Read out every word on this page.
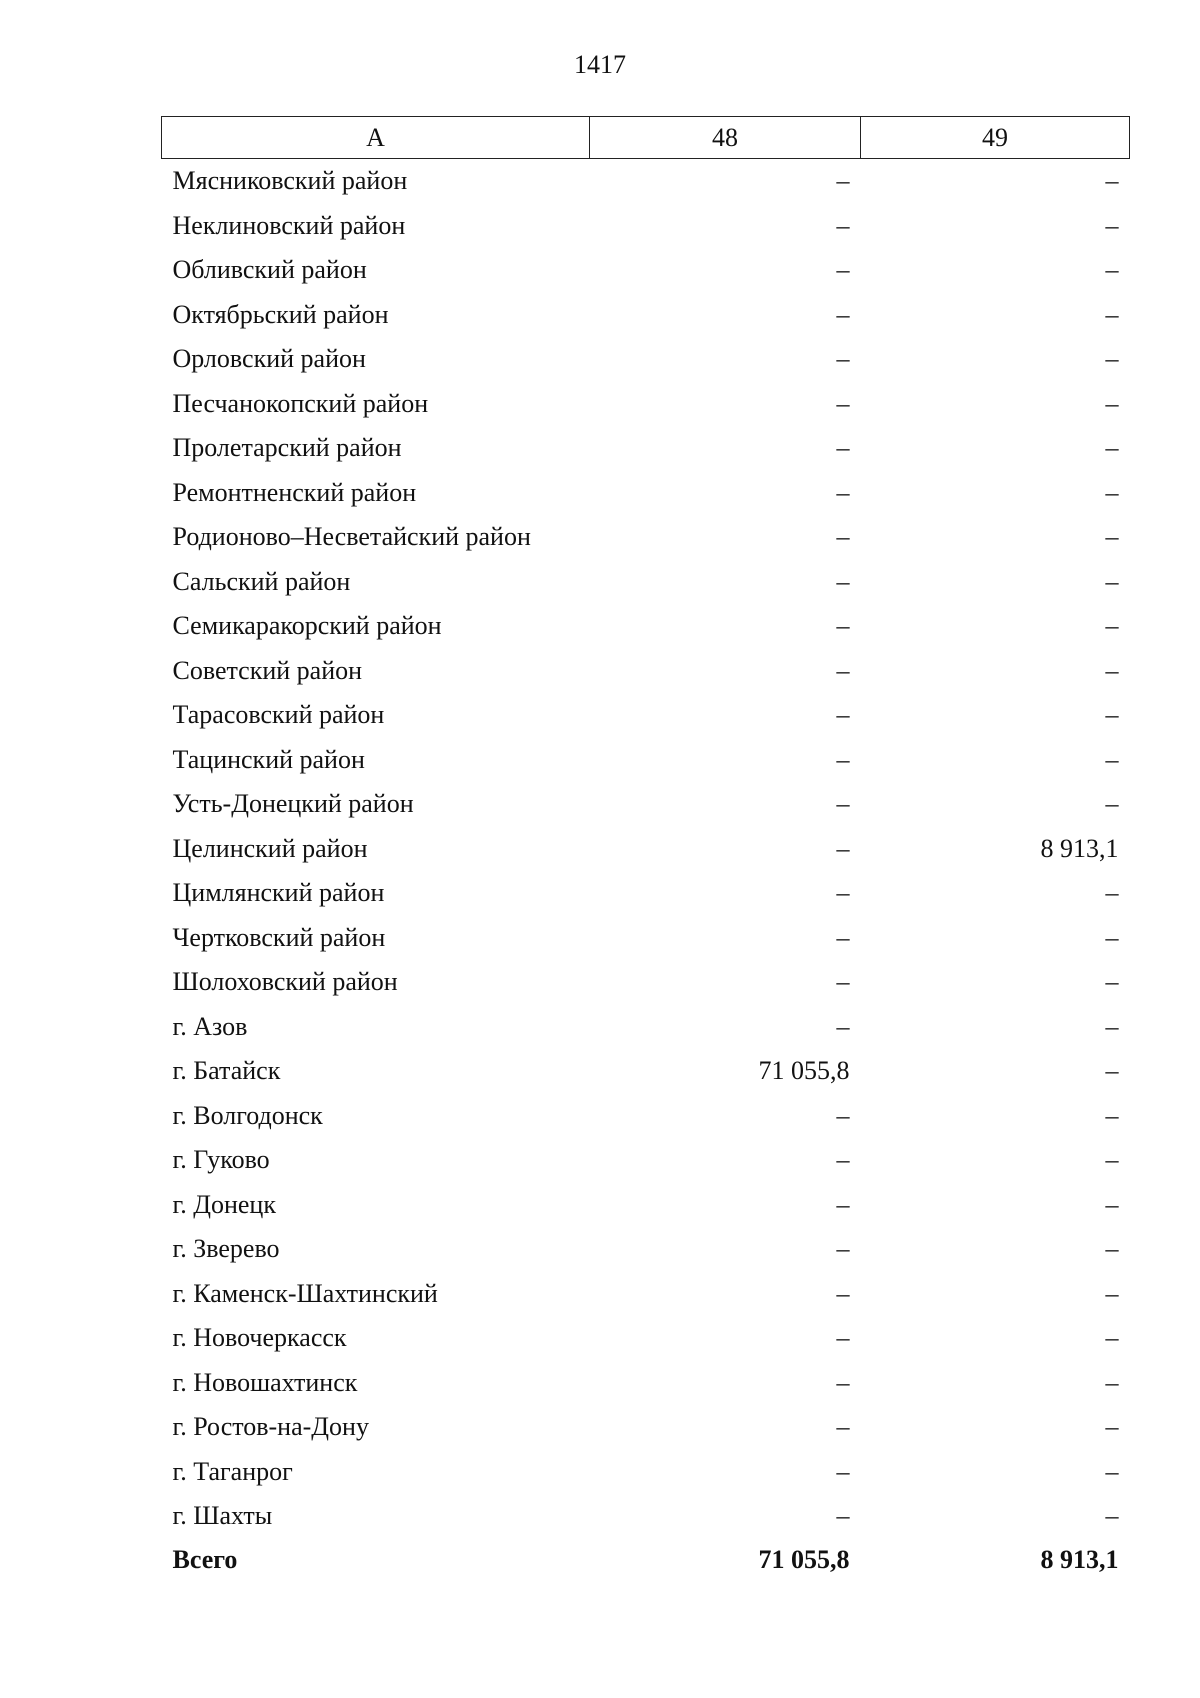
1417
А	48	49
Мясниковский район	–	–
Неклиновский район	–	–
Обливский район	–	–
Октябрьский район	–	–
Орловский район	–	–
Песчанокопский район	–	–
Пролетарский район	–	–
Ремонтненский район	–	–
Родионово–Несветайский район	–	–
Сальский район	–	–
Семикаракорский район	–	–
Советский район	–	–
Тарасовский район	–	–
Тацинский район	–	–
Усть-Донецкий район	–	–
Целинский район	–	8 913,1
Цимлянский район	–	–
Чертковский район	–	–
Шолоховский район	–	–
г. Азов	–	–
г. Батайск	71 055,8	–
г. Волгодонск	–	–
г. Гуково	–	–
г. Донецк	–	–
г. Зверево	–	–
г. Каменск-Шахтинский	–	–
г. Новочеркасск	–	–
г. Новошахтинск	–	–
г. Ростов-на-Дону	–	–
г. Таганрог	–	–
г. Шахты	–	–
Всего	71 055,8	8 913,1
